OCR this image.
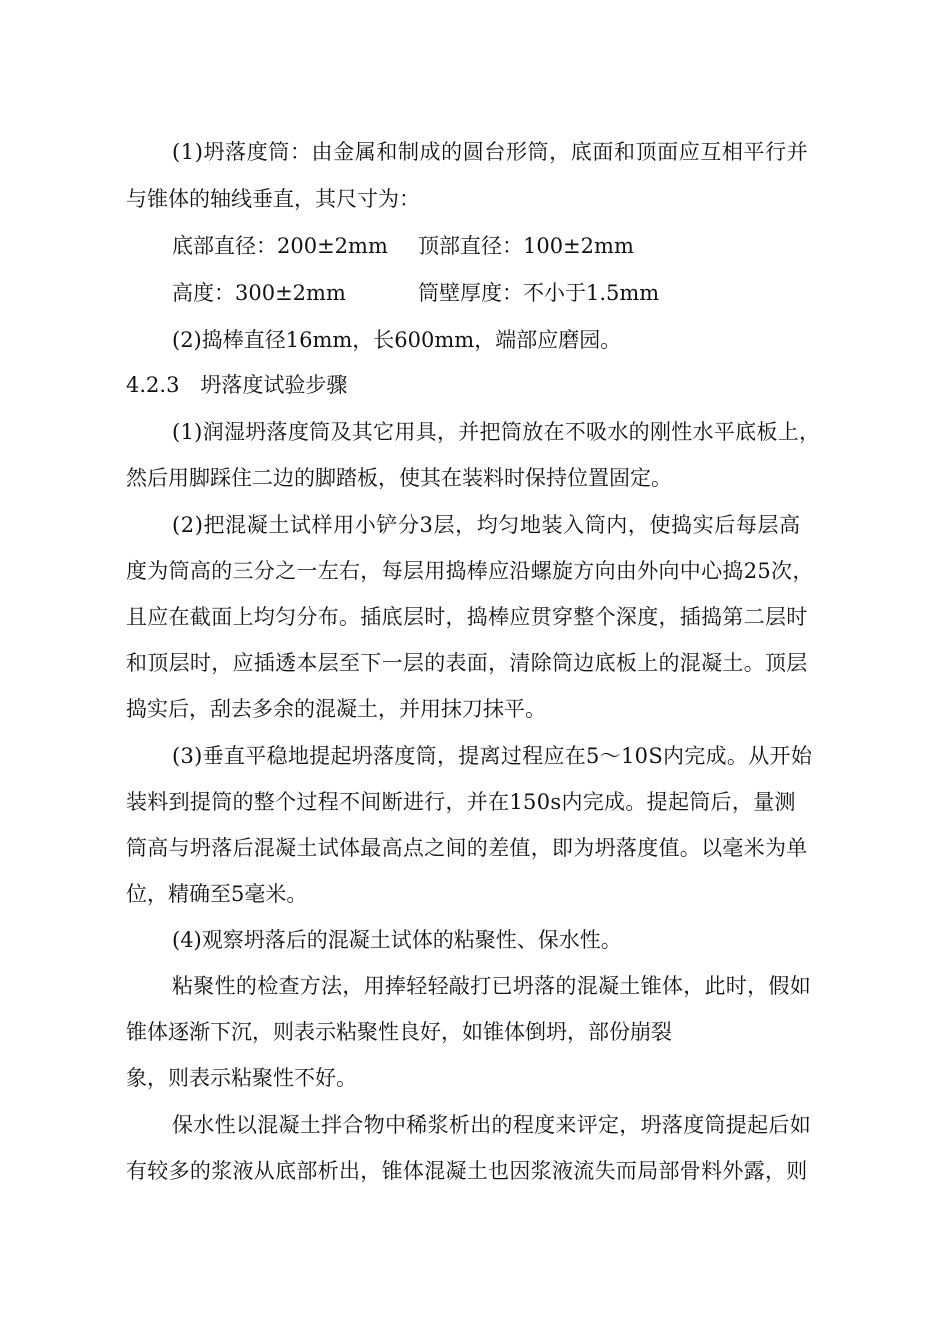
(1)坍落度筒：由金属和制成的圆台形筒，底面和顶面应互相平行并
与锥体的轴线垂直，其尺寸为：
底部直径：200±2mm 顶部直径：100±2mm
高度：300±2mm	筒壁厚度：不小于1.5mm
(2)捣棒直径16mm，长600mm，端部应磨园。
4.2.3　坍落度试验步骤
(1)润湿坍落度筒及其它用具，并把筒放在不吸水的刚性水平底板上，
然后用脚踩住二边的脚踏板，使其在装料时保持位置固定。
(2)把混凝土试样用小铲分3层，均匀地装入筒内，使捣实后每层高
度为筒高的三分之一左右，每层用捣棒应沿螺旋方向由外向中心捣25次，
且应在截面上均匀分布。插底层时，捣棒应贯穿整个深度，插捣第二层时
和顶层时，应插透本层至下一层的表面，清除筒边底板上的混凝土。顶层
捣实后，刮去多余的混凝土，并用抹刀抹平。
(3)垂直平稳地提起坍落度筒，提离过程应在5～10S内完成。从开始
装料到提筒的整个过程不间断进行，并在150s内完成。提起筒后，量测
筒高与坍落后混凝土试体最高点之间的差值，即为坍落度值。以毫米为单
位，精确至5毫米。
(4)观察坍落后的混凝土试体的粘聚性、保水性。
粘聚性的检查方法，用捧轻轻敲打已坍落的混凝土锥体，此时，假如
锥体逐渐下沉，则表示粘聚性良好，如锥体倒坍，部份崩裂
象，则表示粘聚性不好。
保水性以混凝土拌合物中稀浆析出的程度来评定，坍落度筒提起后如
有较多的浆液从底部析出，锥体混凝土也因浆液流失而局部骨料外露，则
